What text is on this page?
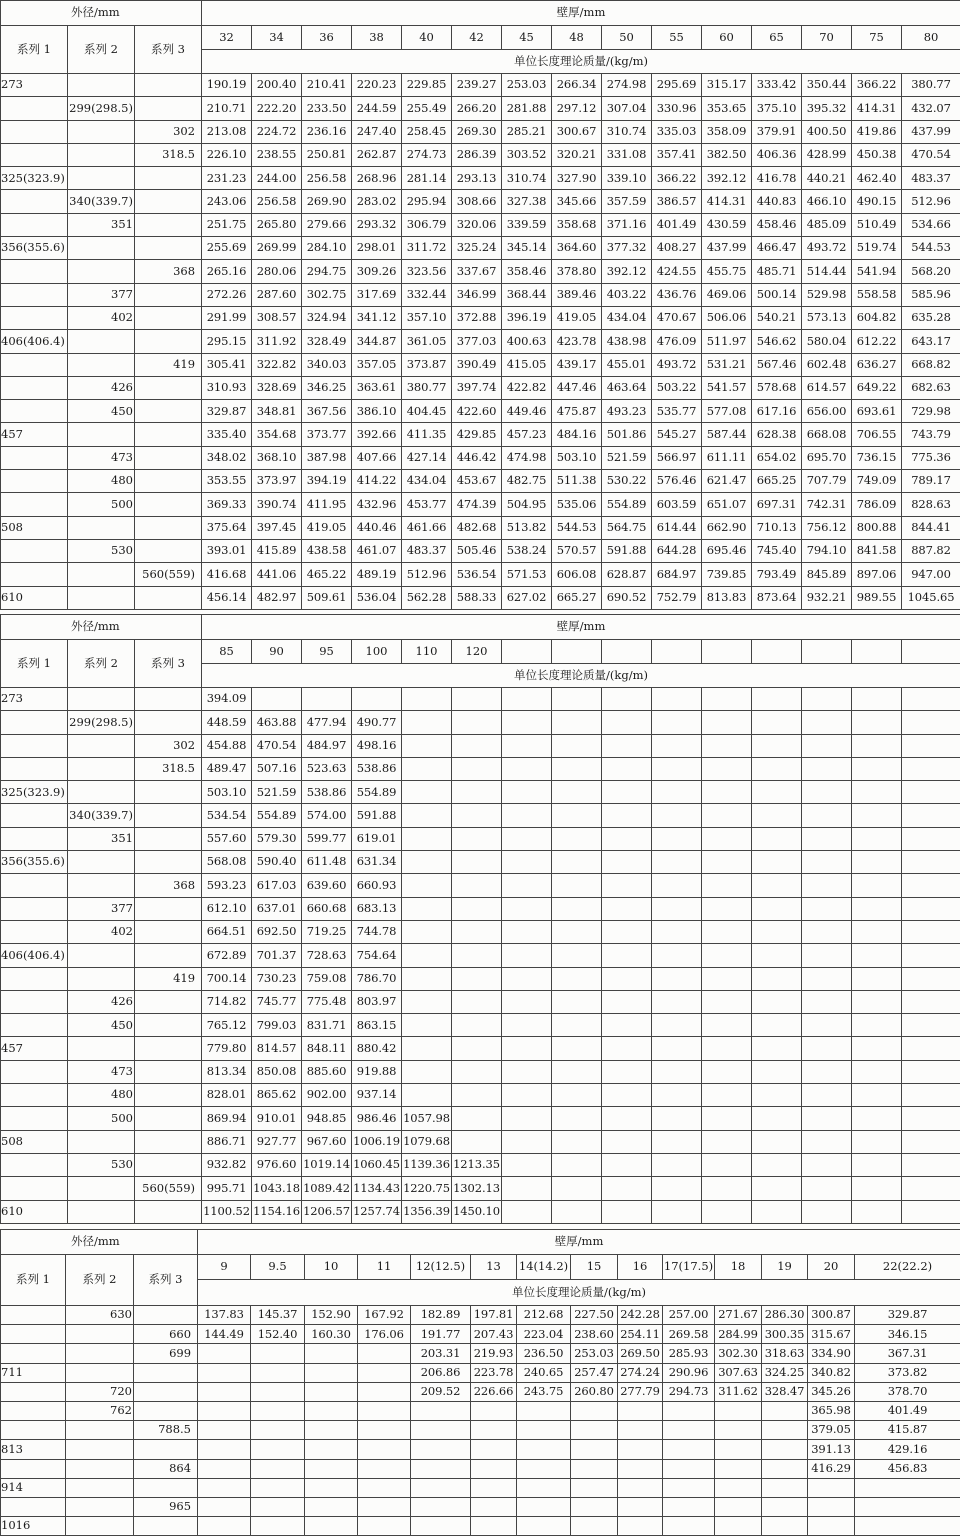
外径/mm			壁厚/mm														
系列 1	系列 2	系列 3	32	34	36	38	40	42	45	48	50	55	60	65	70	75	80
			单位长度理论质量/(kg/m)														
273			190.19	200.40	210.41	220.23	229.85	239.27	253.03	266.34	274.98	295.69	315.17	333.42	350.44	366.22	380.77
	299(298.5)		210.71	222.20	233.50	244.59	255.49	266.20	281.88	297.12	307.04	330.96	353.65	375.10	395.32	414.31	432.07
		302	213.08	224.72	236.16	247.40	258.45	269.30	285.21	300.67	310.74	335.03	358.09	379.91	400.50	419.86	437.99
		318.5	226.10	238.55	250.81	262.87	274.73	286.39	303.52	320.21	331.08	357.41	382.50	406.36	428.99	450.38	470.54
325(323.9)			231.23	244.00	256.58	268.96	281.14	293.13	310.74	327.90	339.10	366.22	392.12	416.78	440.21	462.40	483.37
	340(339.7)		243.06	256.58	269.90	283.02	295.94	308.66	327.38	345.66	357.59	386.57	414.31	440.83	466.10	490.15	512.96
	351		251.75	265.80	279.66	293.32	306.79	320.06	339.59	358.68	371.16	401.49	430.59	458.46	485.09	510.49	534.66
356(355.6)			255.69	269.99	284.10	298.01	311.72	325.24	345.14	364.60	377.32	408.27	437.99	466.47	493.72	519.74	544.53
		368	265.16	280.06	294.75	309.26	323.56	337.67	358.46	378.80	392.12	424.55	455.75	485.71	514.44	541.94	568.20
	377		272.26	287.60	302.75	317.69	332.44	346.99	368.44	389.46	403.22	436.76	469.06	500.14	529.98	558.58	585.96
	402		291.99	308.57	324.94	341.12	357.10	372.88	396.19	419.05	434.04	470.67	506.06	540.21	573.13	604.82	635.28
406(406.4)			295.15	311.92	328.49	344.87	361.05	377.03	400.63	423.78	438.98	476.09	511.97	546.62	580.04	612.22	643.17
		419	305.41	322.82	340.03	357.05	373.87	390.49	415.05	439.17	455.01	493.72	531.21	567.46	602.48	636.27	668.82
	426		310.93	328.69	346.25	363.61	380.77	397.74	422.82	447.46	463.64	503.22	541.57	578.68	614.57	649.22	682.63
	450		329.87	348.81	367.56	386.10	404.45	422.60	449.46	475.87	493.23	535.77	577.08	617.16	656.00	693.61	729.98
457			335.40	354.68	373.77	392.66	411.35	429.85	457.23	484.16	501.86	545.27	587.44	628.38	668.08	706.55	743.79
	473		348.02	368.10	387.98	407.66	427.14	446.42	474.98	503.10	521.59	566.97	611.11	654.02	695.70	736.15	775.36
	480		353.55	373.97	394.19	414.22	434.04	453.67	482.75	511.38	530.22	576.46	621.47	665.25	707.79	749.09	789.17
	500		369.33	390.74	411.95	432.96	453.77	474.39	504.95	535.06	554.89	603.59	651.07	697.31	742.31	786.09	828.63
508			375.64	397.45	419.05	440.46	461.66	482.68	513.82	544.53	564.75	614.44	662.90	710.13	756.12	800.88	844.41
	530		393.01	415.89	438.58	461.07	483.37	505.46	538.24	570.57	591.88	644.28	695.46	745.40	794.10	841.58	887.82
		560(559)	416.68	441.06	465.22	489.19	512.96	536.54	571.53	606.08	628.87	684.97	739.85	793.49	845.89	897.06	947.00
610			456.14	482.97	509.61	536.04	562.28	588.33	627.02	665.27	690.52	752.79	813.83	873.64	932.21	989.55	1045.65
外径/mm			壁厚/mm														
系列 1	系列 2	系列 3	85	90	95	100	110	120									
			单位长度理论质量/(kg/m)														
273			394.09														
	299(298.5)		448.59	463.88	477.94	490.77											
		302	454.88	470.54	484.97	498.16											
		318.5	489.47	507.16	523.63	538.86											
325(323.9)			503.10	521.59	538.86	554.89											
	340(339.7)		534.54	554.89	574.00	591.88											
	351		557.60	579.30	599.77	619.01											
356(355.6)			568.08	590.40	611.48	631.34											
		368	593.23	617.03	639.60	660.93											
	377		612.10	637.01	660.68	683.13											
	402		664.51	692.50	719.25	744.78											
406(406.4)			672.89	701.37	728.63	754.64											
		419	700.14	730.23	759.08	786.70											
	426		714.82	745.77	775.48	803.97											
	450		765.12	799.03	831.71	863.15											
457			779.80	814.57	848.11	880.42											
	473		813.34	850.08	885.60	919.88											
	480		828.01	865.62	902.00	937.14											
	500		869.94	910.01	948.85	986.46	1057.98										
508			886.71	927.77	967.60	1006.19	1079.68										
	530		932.82	976.60	1019.14	1060.45	1139.36	1213.35									
		560(559)	995.71	1043.18	1089.42	1134.43	1220.75	1302.13									
610			1100.52	1154.16	1206.57	1257.74	1356.39	1450.10									
外径/mm			壁厚/mm													
系列 1	系列 2	系列 3	9	9.5	10	11	12(12.5)	13	14(14.2)	15	16	17(17.5)	18	19	20	22(22.2)
			单位长度理论质量/(kg/m)													
	630		137.83	145.37	152.90	167.92	182.89	197.81	212.68	227.50	242.28	257.00	271.67	286.30	300.87	329.87
		660	144.49	152.40	160.30	176.06	191.77	207.43	223.04	238.60	254.11	269.58	284.99	300.35	315.67	346.15
		699					203.31	219.93	236.50	253.03	269.50	285.93	302.30	318.63	334.90	367.31
711							206.86	223.78	240.65	257.47	274.24	290.96	307.63	324.25	340.82	373.82
	720						209.52	226.66	243.75	260.80	277.79	294.73	311.62	328.47	345.26	378.70
	762														365.98	401.49
		788.5													379.05	415.87
813															391.13	429.16
		864													416.29	456.83
914																
		965														
1016																
